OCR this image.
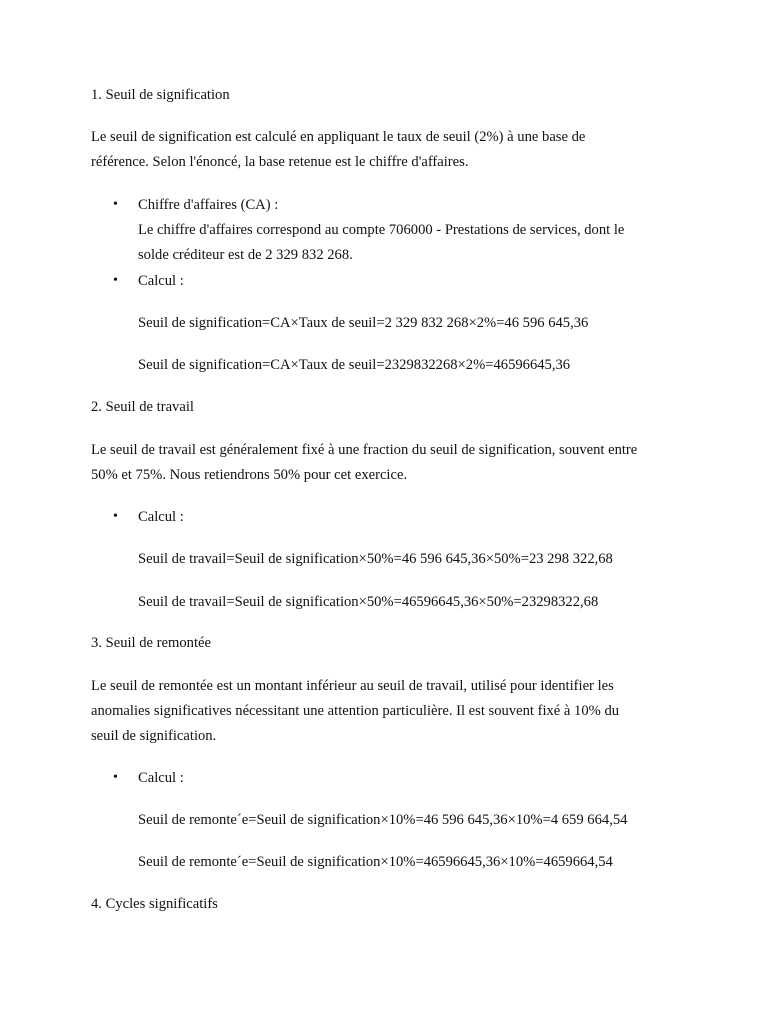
1. Seuil de signification
Le seuil de signification est calculé en appliquant le taux de seuil (2%) à une base de
référence. Selon l'énoncé, la base retenue est le chiffre d'affaires.
•	Chiffre d'affaires (CA) :
Le chiffre d'affaires correspond au compte 706000 - Prestations de services, dont le
solde créditeur est de 2 329 832 268.
•	Calcul :
Seuil de signification=CA×Taux de seuil=2 329 832 268×2%=46 596 645,36
Seuil de signification=CA×Taux de seuil=2329832268×2%=46596645,36
2. Seuil de travail
Le seuil de travail est généralement fixé à une fraction du seuil de signification, souvent entre
50% et 75%. Nous retiendrons 50% pour cet exercice.
•	Calcul :
Seuil de travail=Seuil de signification×50%=46 596 645,36×50%=23 298 322,68
Seuil de travail=Seuil de signification×50%=46596645,36×50%=23298322,68
3. Seuil de remontée
Le seuil de remontée est un montant inférieur au seuil de travail, utilisé pour identifier les
anomalies significatives nécessitant une attention particulière. Il est souvent fixé à 10% du
seuil de signification.
•	Calcul :
Seuil de remonte´e=Seuil de signification×10%=46 596 645,36×10%=4 659 664,54
Seuil de remonte´e=Seuil de signification×10%=46596645,36×10%=4659664,54
4. Cycles significatifs
